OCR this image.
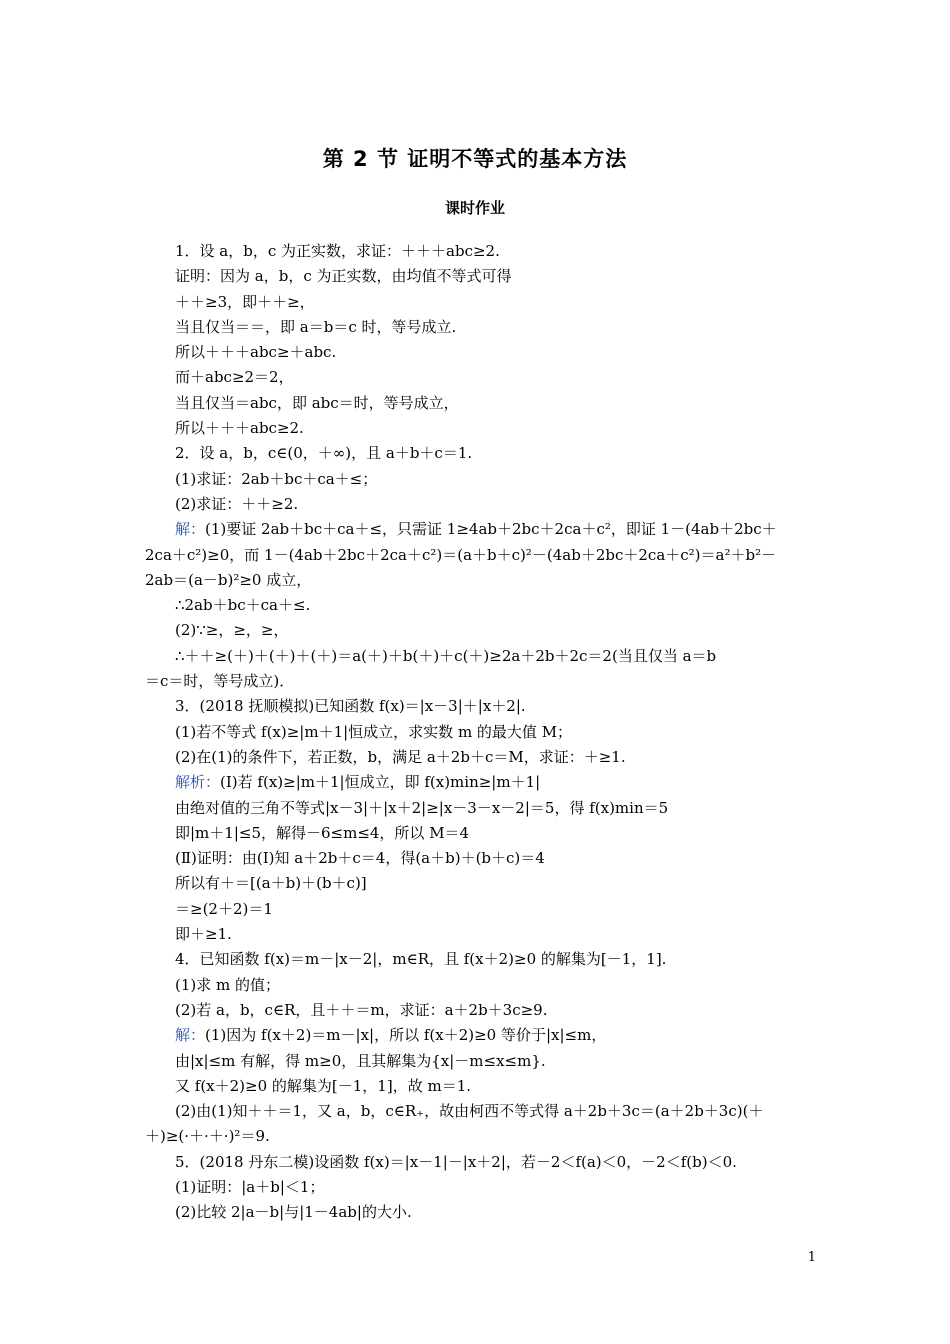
第 2 节 证明不等式的基本方法
课时作业
1．设 a，b，c 为正实数，求证：＋＋＋abc≥2.
证明：因为 a，b，c 为正实数，由均值不等式可得
＋＋≥3，即＋＋≥，
当且仅当＝＝，即 a＝b＝c 时，等号成立.
所以＋＋＋abc≥＋abc.
而＋abc≥2＝2，
当且仅当＝abc，即 abc＝时，等号成立，
所以＋＋＋abc≥2.
2．设 a，b，c∈(0，＋∞)，且 a＋b＋c＝1.
(1)求证：2ab＋bc＋ca＋≤；
(2)求证：＋＋≥2.
解：(1)要证 2ab＋bc＋ca＋≤，只需证 1≥4ab＋2bc＋2ca＋c²，即证 1－(4ab＋2bc＋
2ca＋c²)≥0，而 1－(4ab＋2bc＋2ca＋c²)＝(a＋b＋c)²－(4ab＋2bc＋2ca＋c²)＝a²＋b²－
2ab＝(a－b)²≥0 成立，
∴2ab＋bc＋ca＋≤.
(2)∵≥，≥，≥，
∴＋＋≥(＋)＋(＋)＋(＋)＝a(＋)＋b(＋)＋c(＋)≥2a＋2b＋2c＝2(当且仅当 a＝b
＝c＝时，等号成立)．
3．(2018 抚顺模拟)已知函数 f(x)＝|x－3|＋|x＋2|.
(1)若不等式 f(x)≥|m＋1|恒成立，求实数 m 的最大值 M；
(2)在(1)的条件下，若正数，b，满足 a＋2b＋c＝M，求证：＋≥1.
解析：(Ⅰ)若 f(x)≥|m＋1|恒成立，即 f(x)min≥|m＋1|
由绝对值的三角不等式|x－3|＋|x＋2|≥|x－3－x－2|＝5，得 f(x)min＝5
即|m＋1|≤5，解得－6≤m≤4，所以 M＝4
(Ⅱ)证明：由(Ⅰ)知 a＋2b＋c＝4，得(a＋b)＋(b＋c)＝4
所以有＋＝[(a＋b)＋(b＋c)]
＝≥(2＋2)＝1
即＋≥1.
4．已知函数 f(x)＝m－|x－2|，m∈R，且 f(x＋2)≥0 的解集为[－1，1].
(1)求 m 的值；
(2)若 a，b，c∈R，且＋＋＝m，求证：a＋2b＋3c≥9.
解：(1)因为 f(x＋2)＝m－|x|，所以 f(x＋2)≥0 等价于|x|≤m，
由|x|≤m 有解，得 m≥0，且其解集为{x|－m≤x≤m}.
又 f(x＋2)≥0 的解集为[－1，1]，故 m＝1.
(2)由(1)知＋＋＝1，又 a，b，c∈R₊，故由柯西不等式得 a＋2b＋3c＝(a＋2b＋3c)(＋
＋)≥(·＋·＋·)²＝9.
5．(2018 丹东二模)设函数 f(x)＝|x－1|－|x＋2|，若－2＜f(a)＜0，－2＜f(b)＜0.
(1)证明：|a＋b|＜1；
(2)比较 2|a－b|与|1－4ab|的大小.
1
